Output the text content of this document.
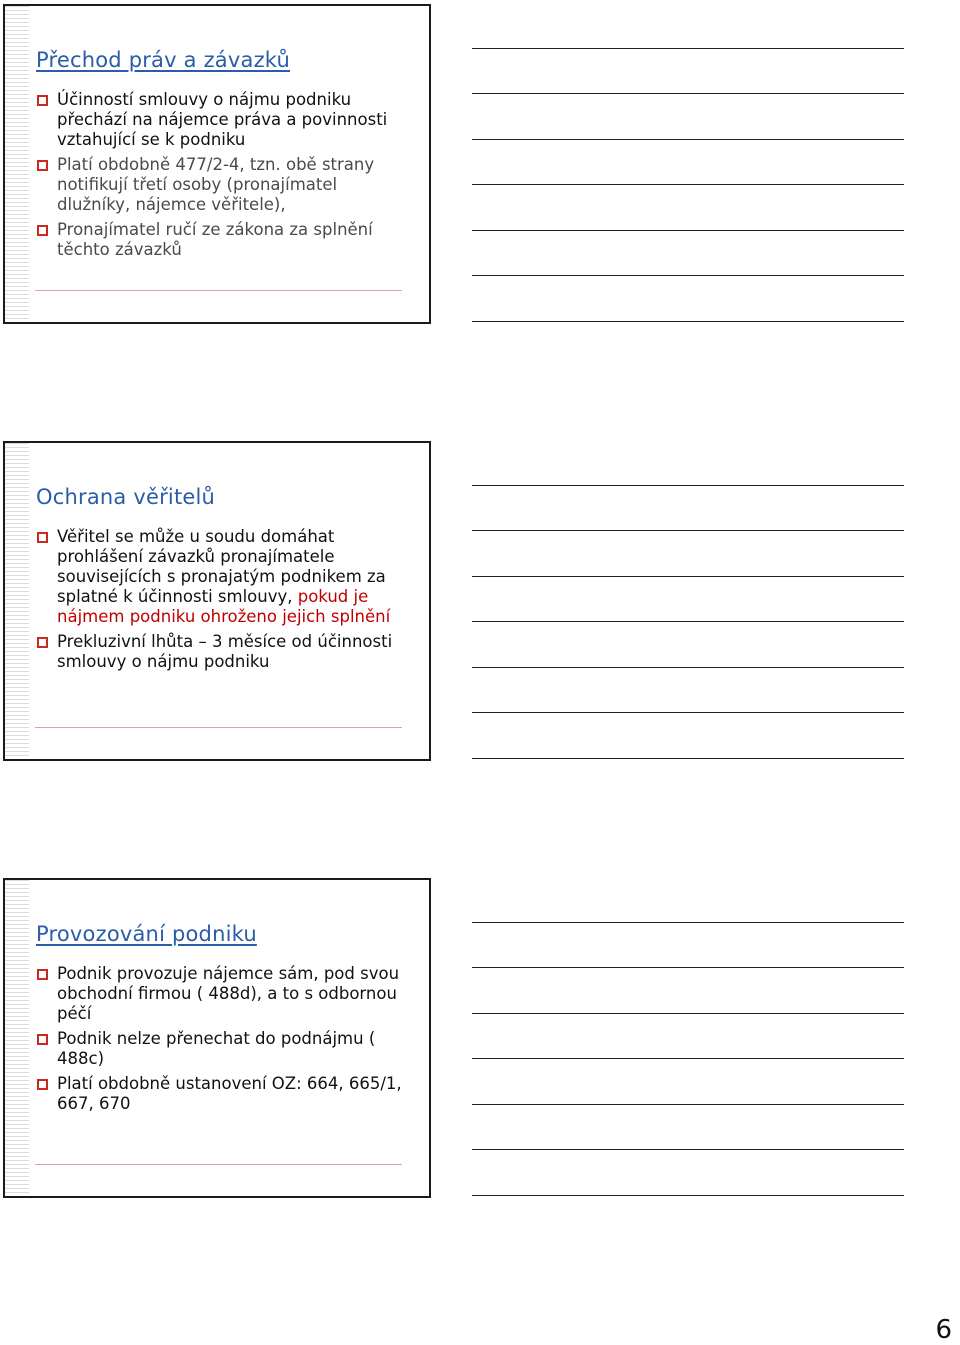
Přechod práv a závazků
Účinností smlouvy o nájmu podniku přechází na nájemce práva a povinnosti vztahující se k podniku
Platí obdobně 477/2-4, tzn. obě strany notifikují třetí osoby (pronajímatel dlužníky, nájemce věřitele),
Pronajímatel ručí ze zákona za splnění těchto závazků
Ochrana věřitelů
Věřitel se může u soudu domáhat prohlášení závazků pronajímatele souvisejících s pronajatým podnikem za splatné k účinnosti smlouvy, pokud je nájmem podniku ohroženo jejich splnění
Prekluzivní lhůta – 3 měsíce od účinnosti smlouvy o nájmu podniku
Provozování podniku
Podnik provozuje nájemce sám, pod svou obchodní firmou ( 488d), a to s odbornou péčí
Podnik nelze přenechat do podnájmu ( 488c)
Platí obdobně ustanovení OZ: 664, 665/1, 667, 670
6
